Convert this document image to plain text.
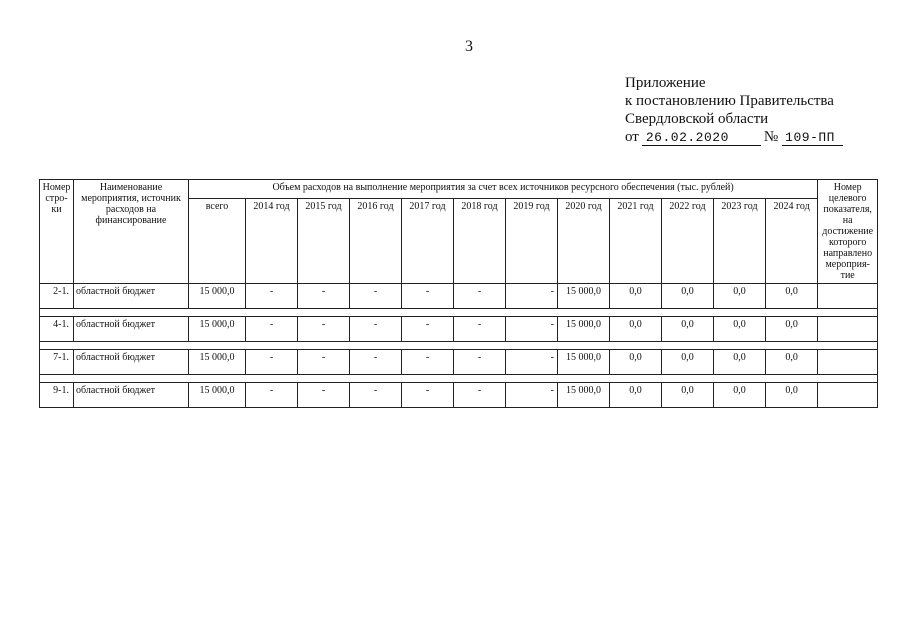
3
Приложение
к постановлению Правительства
Свердловской области
от 26.02.2020	№ 109-ПП
Номер стро-ки	Наименование мероприятия, источник расходов на финансирование	Объем расходов на выполнение мероприятия за счет всех источников ресурсного обеспечения (тыс. рублей)												Номер целевого показателя, на достижение которого направлено мероприя-тие
		всего	2014 год	2015 год	2016 год	2017 год	2018 год	2019 год	2020 год	2021 год	2022 год	2023 год	2024 год	
2-1.	областной бюджет	15 000,0	-	-	-	-	-	-	15 000,0	0,0	0,0	0,0	0,0	

4-1.	областной бюджет	15 000,0	-	-	-	-	-	-	15 000,0	0,0	0,0	0,0	0,0	

7-1.	областной бюджет	15 000,0	-	-	-	-	-	-	15 000,0	0,0	0,0	0,0	0,0	

9-1.	областной бюджет	15 000,0	-	-	-	-	-	-	15 000,0	0,0	0,0	0,0	0,0	
